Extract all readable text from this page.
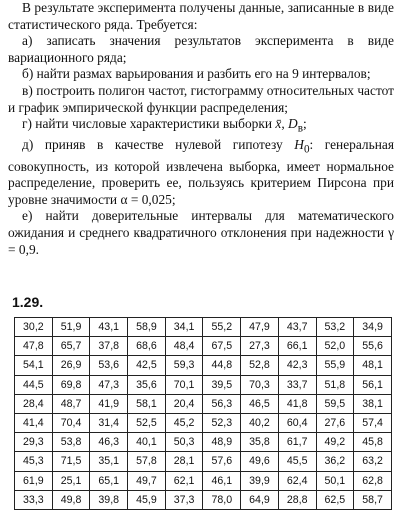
В результате эксперимента получены данные, записанные в виде статистического ряда. Требуется:

а) записать значения результатов эксперимента в виде вариационного ряда;

б) найти размах варьирования и разбить его на 9 интервалов;

в) построить полигон частот, гистограмму относительных частот и график эмпирической функции распределения;

г) найти числовые характеристики выборки x̄, $D_в$;

д) приняв в качестве нулевой гипотезу $H_0$: генеральная совокупность, из которой извлечена выборка, имеет нормальное распределение, проверить ее, пользуясь критерием Пирсона при уровне значимости α = 0,025;

е) найти доверительные интервалы для математического ожидания и среднего квадратичного отклонения при надежности γ = 0,9.

1.29.
30,2	51,9	43,1	58,9	34,1	55,2	47,9	43,7	53,2	34,9
47,8	65,7	37,8	68,6	48,4	67,5	27,3	66,1	52,0	55,6
54,1	26,9	53,6	42,5	59,3	44,8	52,8	42,3	55,9	48,1
44,5	69,8	47,3	35,6	70,1	39,5	70,3	33,7	51,8	56,1
28,4	48,7	41,9	58,1	20,4	56,3	46,5	41,8	59,5	38,1
41,4	70,4	31,4	52,5	45,2	52,3	40,2	60,4	27,6	57,4
29,3	53,8	46,3	40,1	50,3	48,9	35,8	61,7	49,2	45,8
45,3	71,5	35,1	57,8	28,1	57,6	49,6	45,5	36,2	63,2
61,9	25,1	65,1	49,7	62,1	46,1	39,9	62,4	50,1	62,8
33,3	49,8	39,8	45,9	37,3	78,0	64,9	28,8	62,5	58,7
